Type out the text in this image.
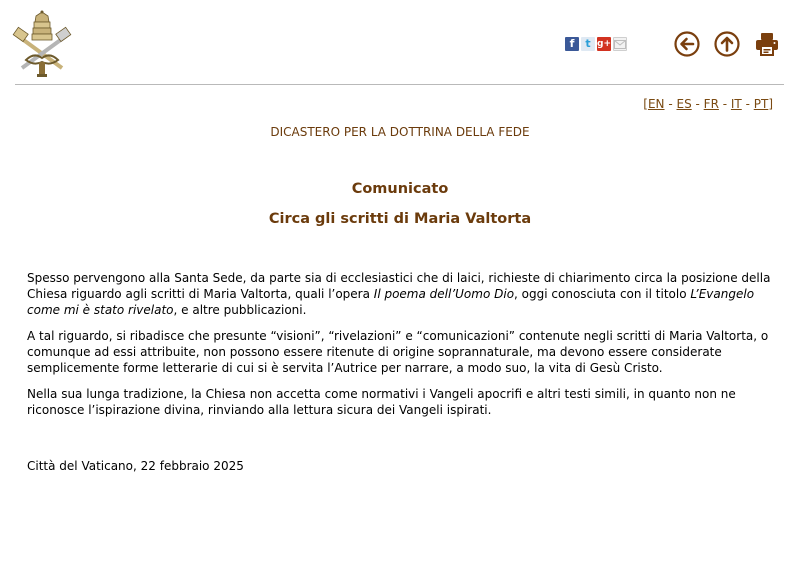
f t g+
[EN - ES - FR - IT - PT]
DICASTERO PER LA DOTTRINA DELLA FEDE
Comunicato
Circa gli scritti di Maria Valtorta

Spesso pervengono alla Santa Sede, da parte sia di ecclesiastici che di laici, richieste di chiarimento circa la posizione della Chiesa riguardo agli scritti di Maria Valtorta, quali l’opera Il poema dell’Uomo Dio, oggi conosciuta con il titolo L’Evangelo come mi è stato rivelato, e altre pubblicazioni.

A tal riguardo, si ribadisce che presunte “visioni”, “rivelazioni” e “comunicazioni” contenute negli scritti di Maria Valtorta, o comunque ad essi attribuite, non possono essere ritenute di origine soprannaturale, ma devono essere considerate semplicemente forme letterarie di cui si è servita l’Autrice per narrare, a modo suo, la vita di Gesù Cristo.

Nella sua lunga tradizione, la Chiesa non accetta come normativi i Vangeli apocrifi e altri testi simili, in quanto non ne riconosce l’ispirazione divina, rinviando alla lettura sicura dei Vangeli ispirati.

Città del Vaticano, 22 febbraio 2025
